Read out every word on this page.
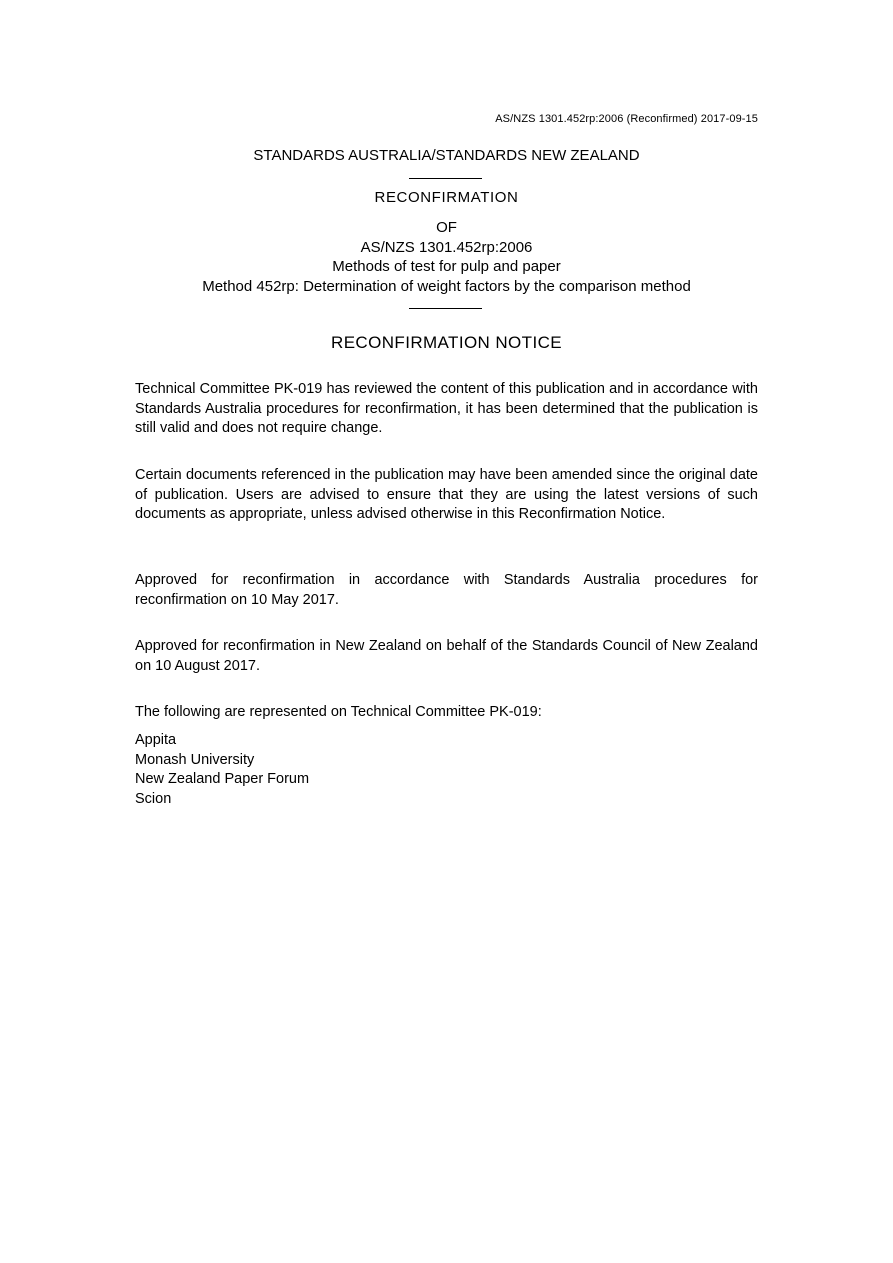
AS/NZS 1301.452rp:2006 (Reconfirmed) 2017-09-15
STANDARDS AUSTRALIA/STANDARDS NEW ZEALAND
RECONFIRMATION
OF
AS/NZS 1301.452rp:2006
Methods of test for pulp and paper
Method 452rp: Determination of weight factors by the comparison method
RECONFIRMATION NOTICE
Technical Committee PK-019 has reviewed the content of this publication and in accordance with Standards Australia procedures for reconfirmation, it has been determined that the publication is still valid and does not require change.
Certain documents referenced in the publication may have been amended since the original date of publication. Users are advised to ensure that they are using the latest versions of such documents as appropriate, unless advised otherwise in this Reconfirmation Notice.
Approved for reconfirmation in accordance with Standards Australia procedures for reconfirmation on 10 May 2017.
Approved for reconfirmation in New Zealand on behalf of the Standards Council of New Zealand on 10 August 2017.
The following are represented on Technical Committee PK-019:
Appita
Monash University
New Zealand Paper Forum
Scion
